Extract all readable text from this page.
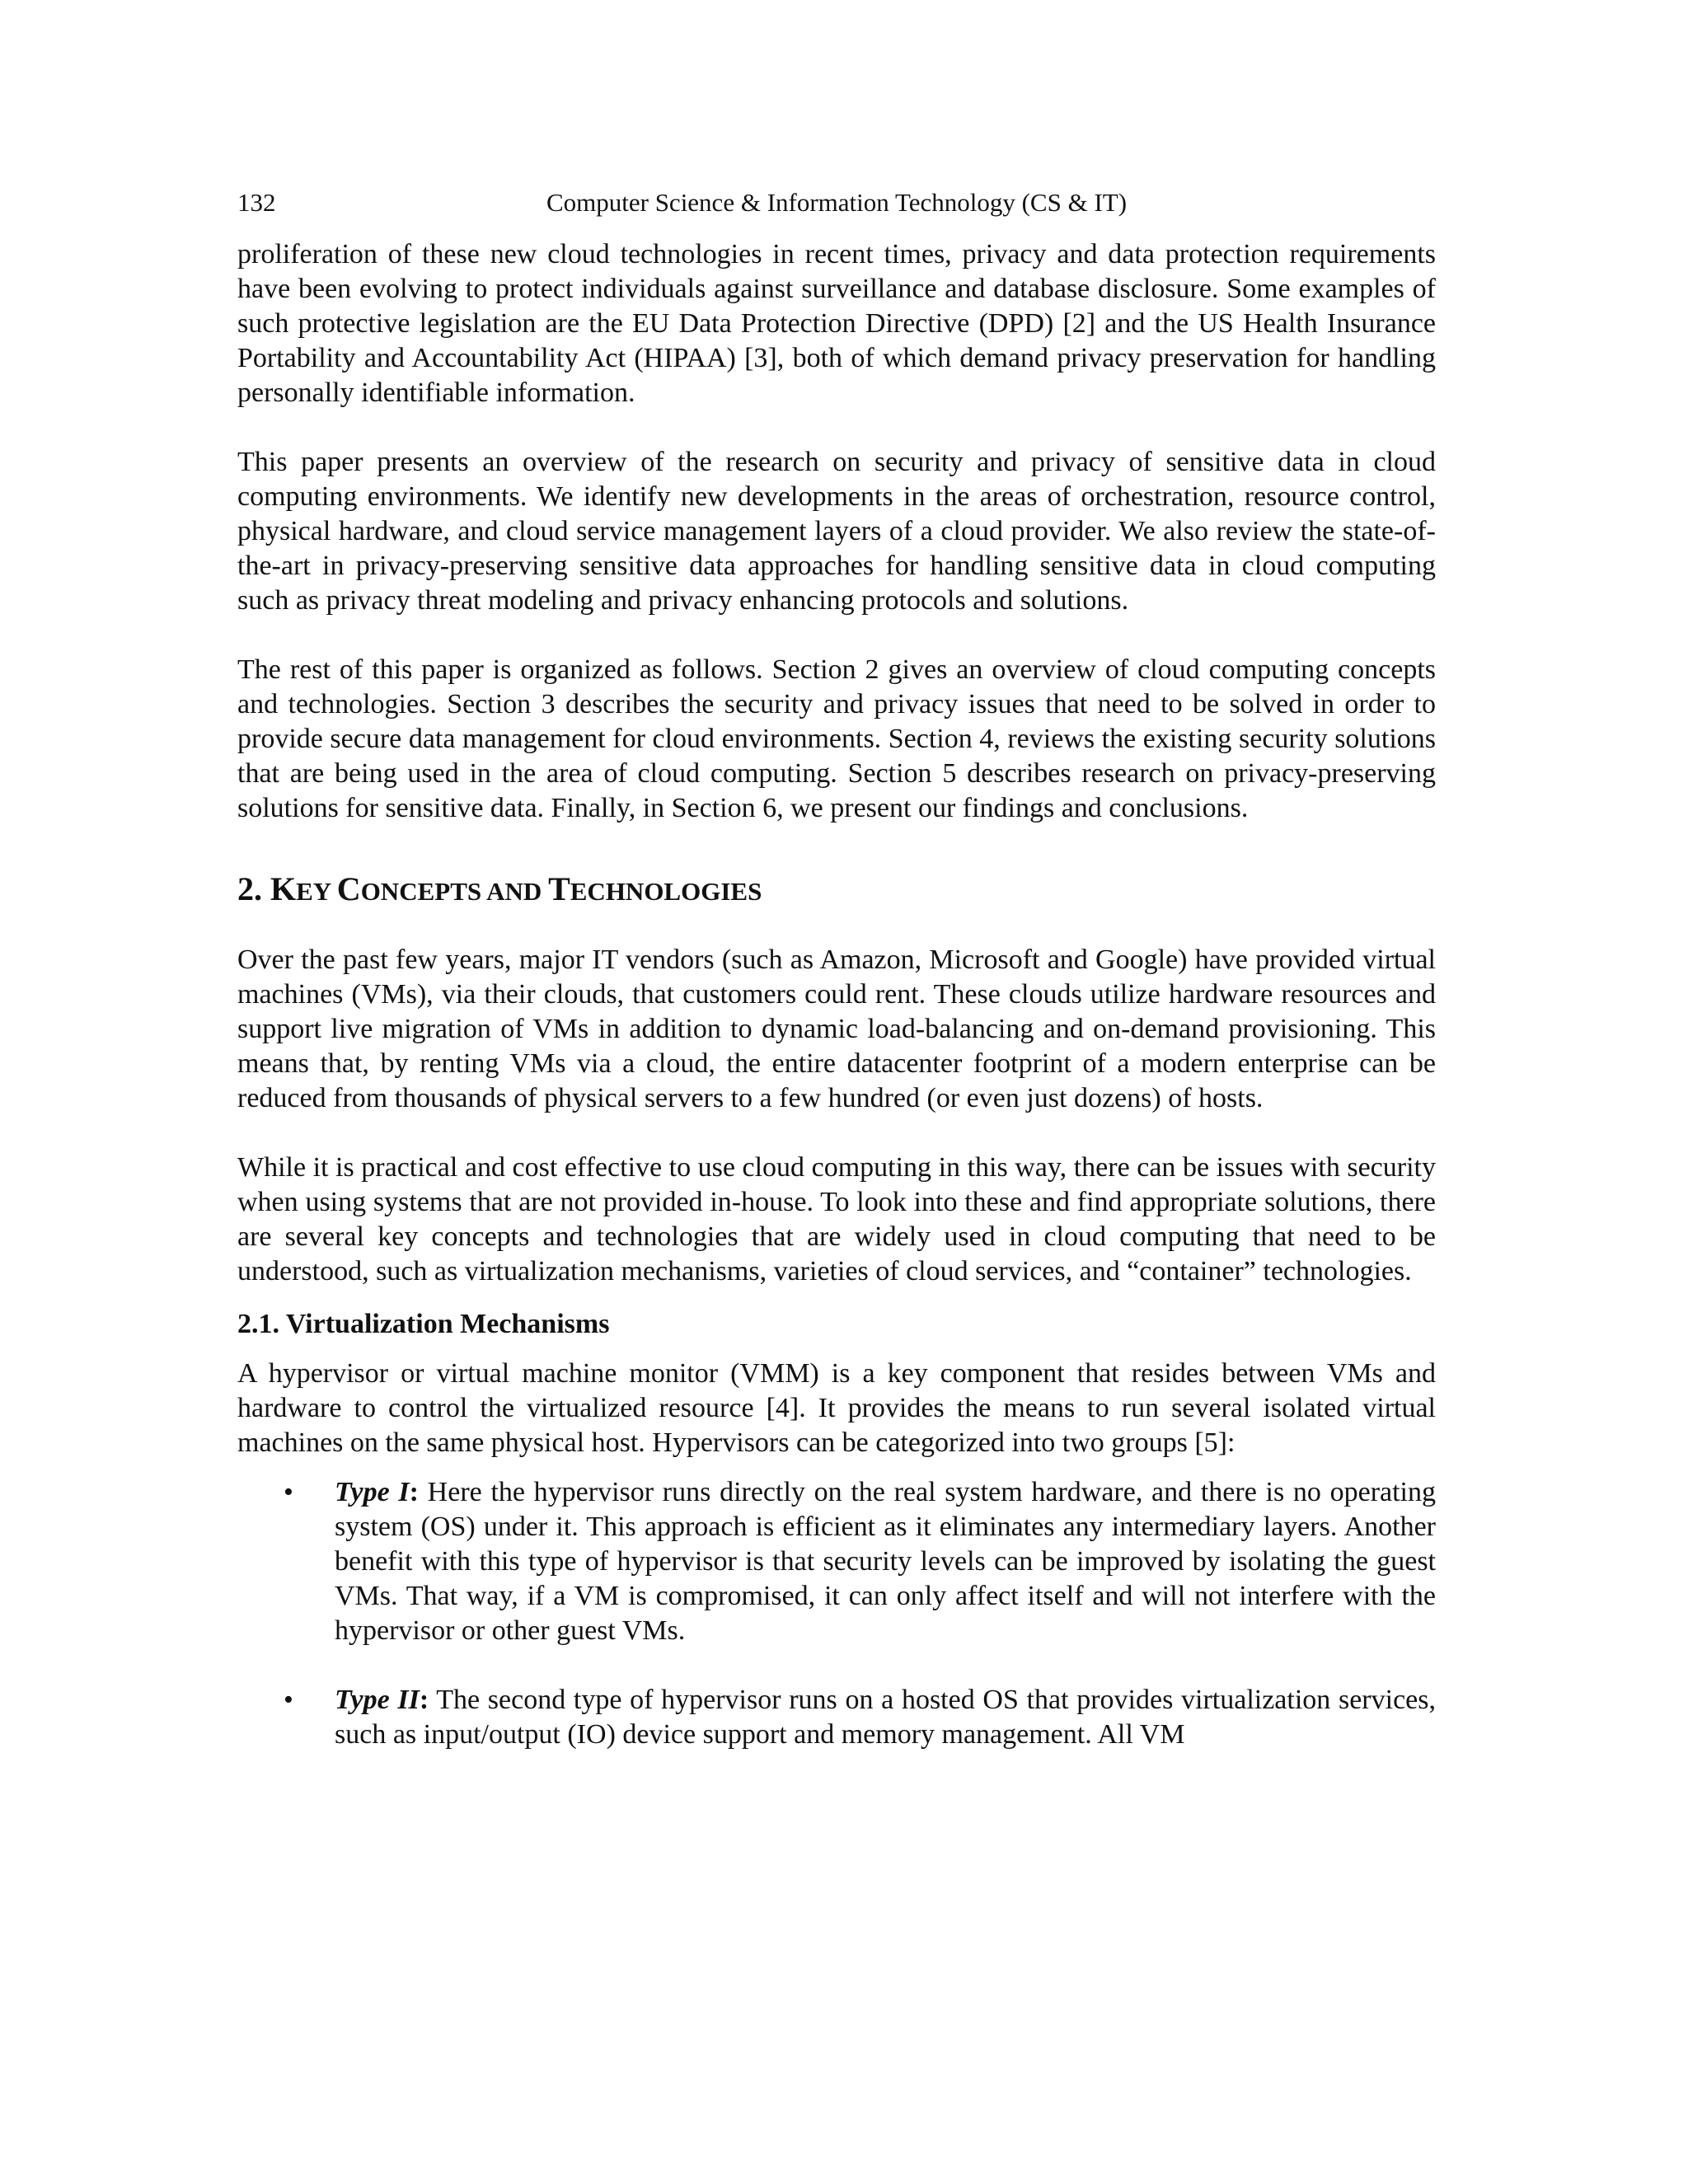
132	Computer Science & Information Technology (CS & IT)

proliferation of these new cloud technologies in recent times, privacy and data protection requirements have been evolving to protect individuals against surveillance and database disclosure. Some examples of such protective legislation are the EU Data Protection Directive (DPD) [2] and the US Health Insurance Portability and Accountability Act (HIPAA) [3], both of which demand privacy preservation for handling personally identifiable information.

This paper presents an overview of the research on security and privacy of sensitive data in cloud computing environments. We identify new developments in the areas of orchestration, resource control, physical hardware, and cloud service management layers of a cloud provider. We also review the state-of-the-art in privacy-preserving sensitive data approaches for handling sensitive data in cloud computing such as privacy threat modeling and privacy enhancing protocols and solutions.

The rest of this paper is organized as follows. Section 2 gives an overview of cloud computing concepts and technologies. Section 3 describes the security and privacy issues that need to be solved in order to provide secure data management for cloud environments. Section 4, reviews the existing security solutions that are being used in the area of cloud computing. Section 5 describes research on privacy-preserving solutions for sensitive data. Finally, in Section 6, we present our findings and conclusions.

2. KEY CONCEPTS AND TECHNOLOGIES

Over the past few years, major IT vendors (such as Amazon, Microsoft and Google) have provided virtual machines (VMs), via their clouds, that customers could rent. These clouds utilize hardware resources and support live migration of VMs in addition to dynamic load-balancing and on-demand provisioning. This means that, by renting VMs via a cloud, the entire datacenter footprint of a modern enterprise can be reduced from thousands of physical servers to a few hundred (or even just dozens) of hosts.

While it is practical and cost effective to use cloud computing in this way, there can be issues with security when using systems that are not provided in-house. To look into these and find appropriate solutions, there are several key concepts and technologies that are widely used in cloud computing that need to be understood, such as virtualization mechanisms, varieties of cloud services, and “container” technologies.

2.1. Virtualization Mechanisms

A hypervisor or virtual machine monitor (VMM) is a key component that resides between VMs and hardware to control the virtualized resource [4]. It provides the means to run several isolated virtual machines on the same physical host. Hypervisors can be categorized into two groups [5]:

• Type I: Here the hypervisor runs directly on the real system hardware, and there is no operating system (OS) under it. This approach is efficient as it eliminates any intermediary layers. Another benefit with this type of hypervisor is that security levels can be improved by isolating the guest VMs. That way, if a VM is compromised, it can only affect itself and will not interfere with the hypervisor or other guest VMs.
• Type II: The second type of hypervisor runs on a hosted OS that provides virtualization services, such as input/output (IO) device support and memory management. All VM
